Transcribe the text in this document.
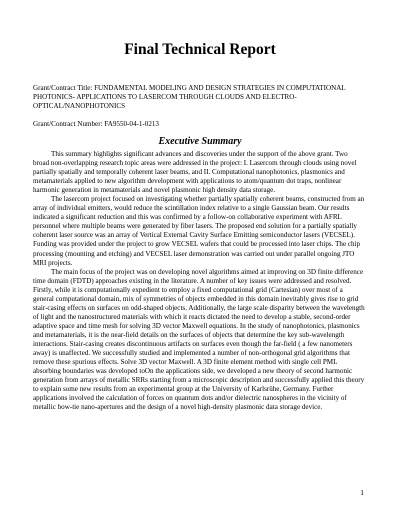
Final Technical Report
Grant/Contract Title: FUNDAMENTAL MODELING AND DESIGN STRATEGIES IN COMPUTATIONAL PHOTONICS- APPLICATIONS TO LASERCOM THROUGH CLOUDS AND ELECTRO-OPTICAL/NANOPHOTONICS
Grant/Contract Number: FA9550-04-1-0213
Executive Summary

This summary highlights significant advances and discoveries under the support of the above grant. Two broad non-overlapping research topic areas were addressed in the project: I. Lasercom through clouds using novel partially spatially and temporally coherent laser beams, and II. Computational nanophotonics, plasmonics and metamaterials applied to new algorithm development with applications to atom/quantum dot traps, nonlinear harmonic generation in metamaterials and novel plasmonic high density data storage.

The lasercom project focused on investigating whether partially spatially coherent beams, constructed from an array of individual emitters, would reduce the scintillation index relative to a single Gaussian beam. Our results indicated a significant reduction and this was confirmed by a follow-on collaborative experiment with AFRL personnel where multiple beams were generated by fiber lasers. The proposed end solution for a partially spatially coherent laser source was an array of Vertical External Cavity Surface Emitting semiconductor lasers (VECSEL). Funding was provided under the project to grow VECSEL wafers that could be processed into laser chips. The chip processing (mounting and etching) and VECSEL laser demonstration was carried out under parallel ongoing JTO MRI projects.

The main focus of the project was on developing novel algorithms aimed at improving on 3D finite difference time domain (FDTD) approaches existing in the literature. A number of key issues were addressed and resolved. Firstly, while it is computationally expedient to employ a fixed computational grid (Cartesian) over most of a general computational domain, mix of symmetries of objects embedded in this domain inevitably gives rise to grid stair-casing effects on surfaces on odd-shaped objects. Additionally, the large scale disparity between the wavelength of light and the nanostructured materials with which it reacts dictated the need to develop a stable, second-order adaptive space and time mesh for solving 3D vector Maxwell equations. In the study of nanophotonics, plasmonics and metamaterials, it is the near-field details on the surfaces of objects that determine the key sub-wavelength interactions. Stair-casing creates discontinuous artifacts on surfaces even though the far-field ( a few nanometers away) is unaffected. We successfully studied and implemented a number of non-orthogonal grid algorithms that remove these spurious effects. Solve 3D vector Maxwell. A 3D finite element method with single cell PML absorbing boundaries was developed toOn the applications side, we developed a new theory of second harmonic generation from arrays of metallic SRRs starting from a microscopic description and successfully applied this theory to explain some new results from an experimental group at the University of Karlsrühe, Germany. Further applications involved the calculation of forces on quantum dots and/or dielectric nanospheres in the vicinity of metallic bow-tie nano-apertures and the design of a novel high-density plasmonic data storage device.

1
